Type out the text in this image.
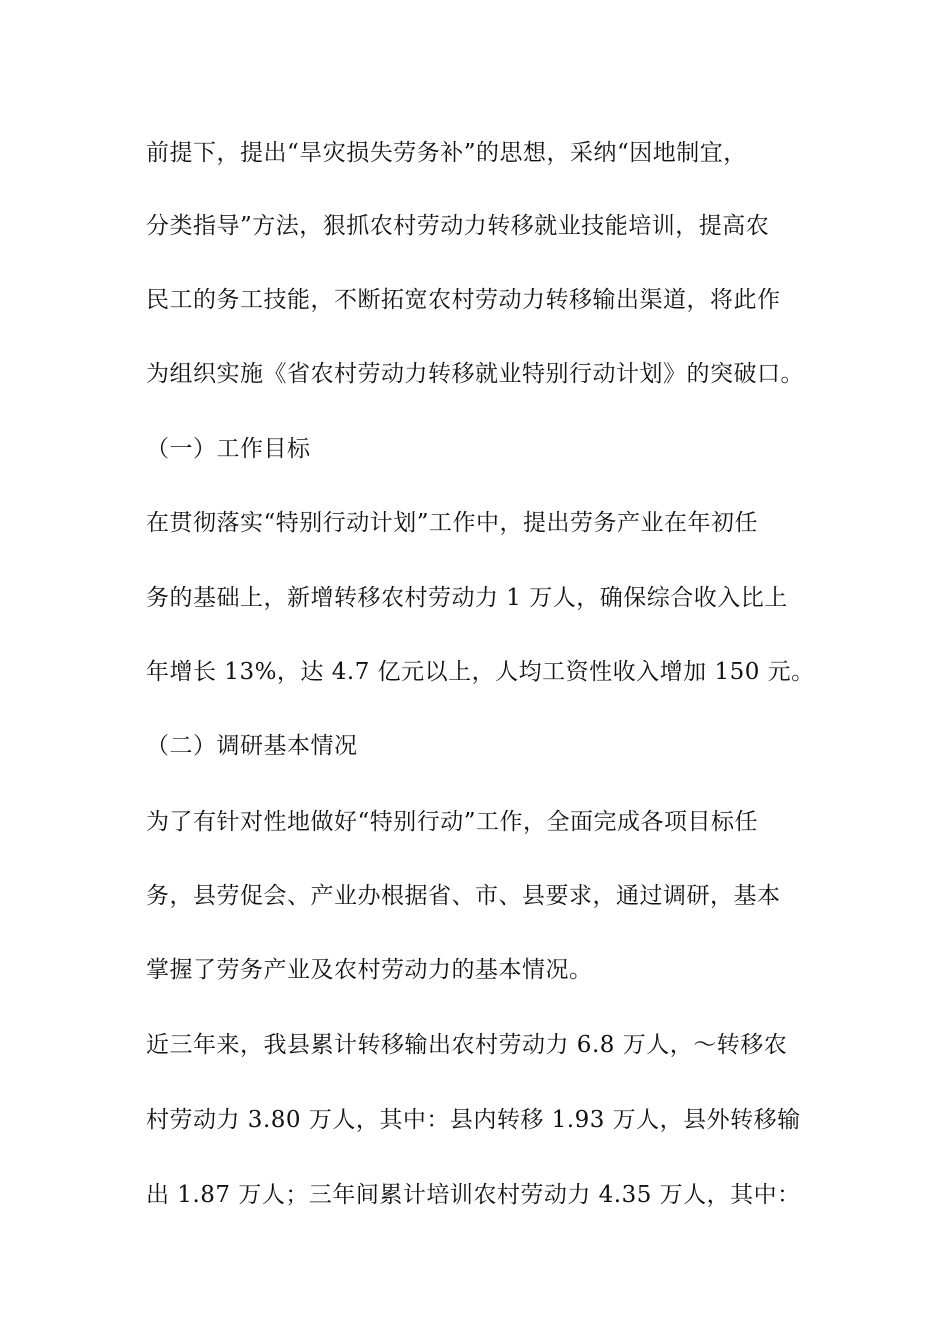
前提下，提出“旱灾损失劳务补”的思想，采纳“因地制宜，
分类指导”方法，狠抓农村劳动力转移就业技能培训，提高农
民工的务工技能，不断拓宽农村劳动力转移输出渠道，将此作
为组织实施《省农村劳动力转移就业特别行动计划》的突破口。
（一）工作目标
在贯彻落实“特别行动计划”工作中，提出劳务产业在年初任
务的基础上，新增转移农村劳动力 1 万人，确保综合收入比上
年增长 13%，达 4.7 亿元以上，人均工资性收入增加 150 元。
（二）调研基本情况
为了有针对性地做好“特别行动”工作，全面完成各项目标任
务，县劳促会、产业办根据省、市、县要求，通过调研，基本
掌握了劳务产业及农村劳动力的基本情况。
近三年来，我县累计转移输出农村劳动力 6.8 万人，～转移农
村劳动力 3.80 万人，其中：县内转移 1.93 万人，县外转移输
出 1.87 万人；三年间累计培训农村劳动力 4.35 万人，其中：
